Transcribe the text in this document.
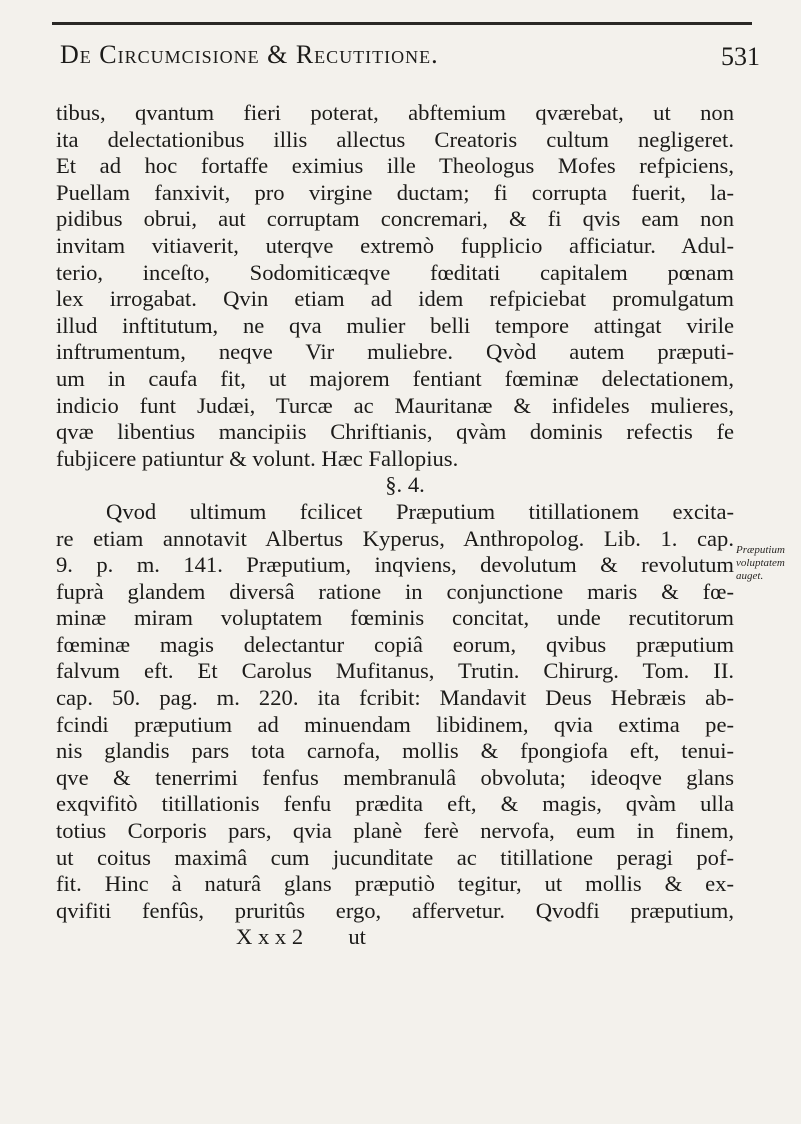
De Circumcisione & Recutitione.	531
tibus, qvantum fieri poterat, abftemium qværebat, ut non
ita delectationibus illis allectus Creatoris cultum negligeret.
Et ad hoc fortaffe eximius ille Theologus Mofes refpiciens,
Puellam fanxivit, pro virgine ductam; fi corrupta fuerit, la-
pidibus obrui, aut corruptam concremari, & fi qvis eam non
invitam vitiaverit, uterqve extremò fupplicio afficiatur. Adul-
terio, inceſto, Sodomiticæqve fœditati capitalem pœnam
lex irrogabat. Qvin etiam ad idem refpiciebat promulgatum
illud inftitutum, ne qva mulier belli tempore attingat virile
inftrumentum, neqve Vir muliebre. Qvòd autem præputi-
um in caufa fit, ut majorem fentiant fœminæ delectationem,
indicio funt Judæi, Turcæ ac Mauritanæ & infideles mulieres,
qvæ libentius mancipiis Chriftianis, qvàm dominis refectis fe
fubjicere patiuntur & volunt. Hæc Fallopius.
§. 4.
Qvod ultimum fcilicet Præputium titillationem excita-
re etiam annotavit Albertus Kyperus, Anthropolog. Lib. 1. cap.
9. p. m. 141. Præputium, inqviens, devolutum & revolutum
fuprà glandem diversâ ratione in conjunctione maris & fœ-
minæ miram voluptatem fœminis concitat, unde recutitorum
fœminæ magis delectantur copiâ eorum, qvibus præputium
falvum eft. Et Carolus Mufitanus, Trutin. Chirurg. Tom. II.
cap. 50. pag. m. 220. ita fcribit: Mandavit Deus Hebræis ab-
fcindi præputium ad minuendam libidinem, qvia extima pe-
nis glandis pars tota carnofa, mollis & fpongiofa eft, tenui-
qve & tenerrimi fenfus membranulâ obvoluta; ideoqve glans
exqvifitò titillationis fenfu prædita eft, & magis, qvàm ulla
totius Corporis pars, qvia planè ferè nervofa, eum in finem,
ut coitus maximâ cum jucunditate ac titillatione peragi pof-
fit. Hinc à naturâ glans præputiò tegitur, ut mollis & ex-
qvifiti fenfûs, pruritûs ergo, affervetur. Qvodfi præputium,
X x x 2        ut
Præputium
voluptatem
auget.
